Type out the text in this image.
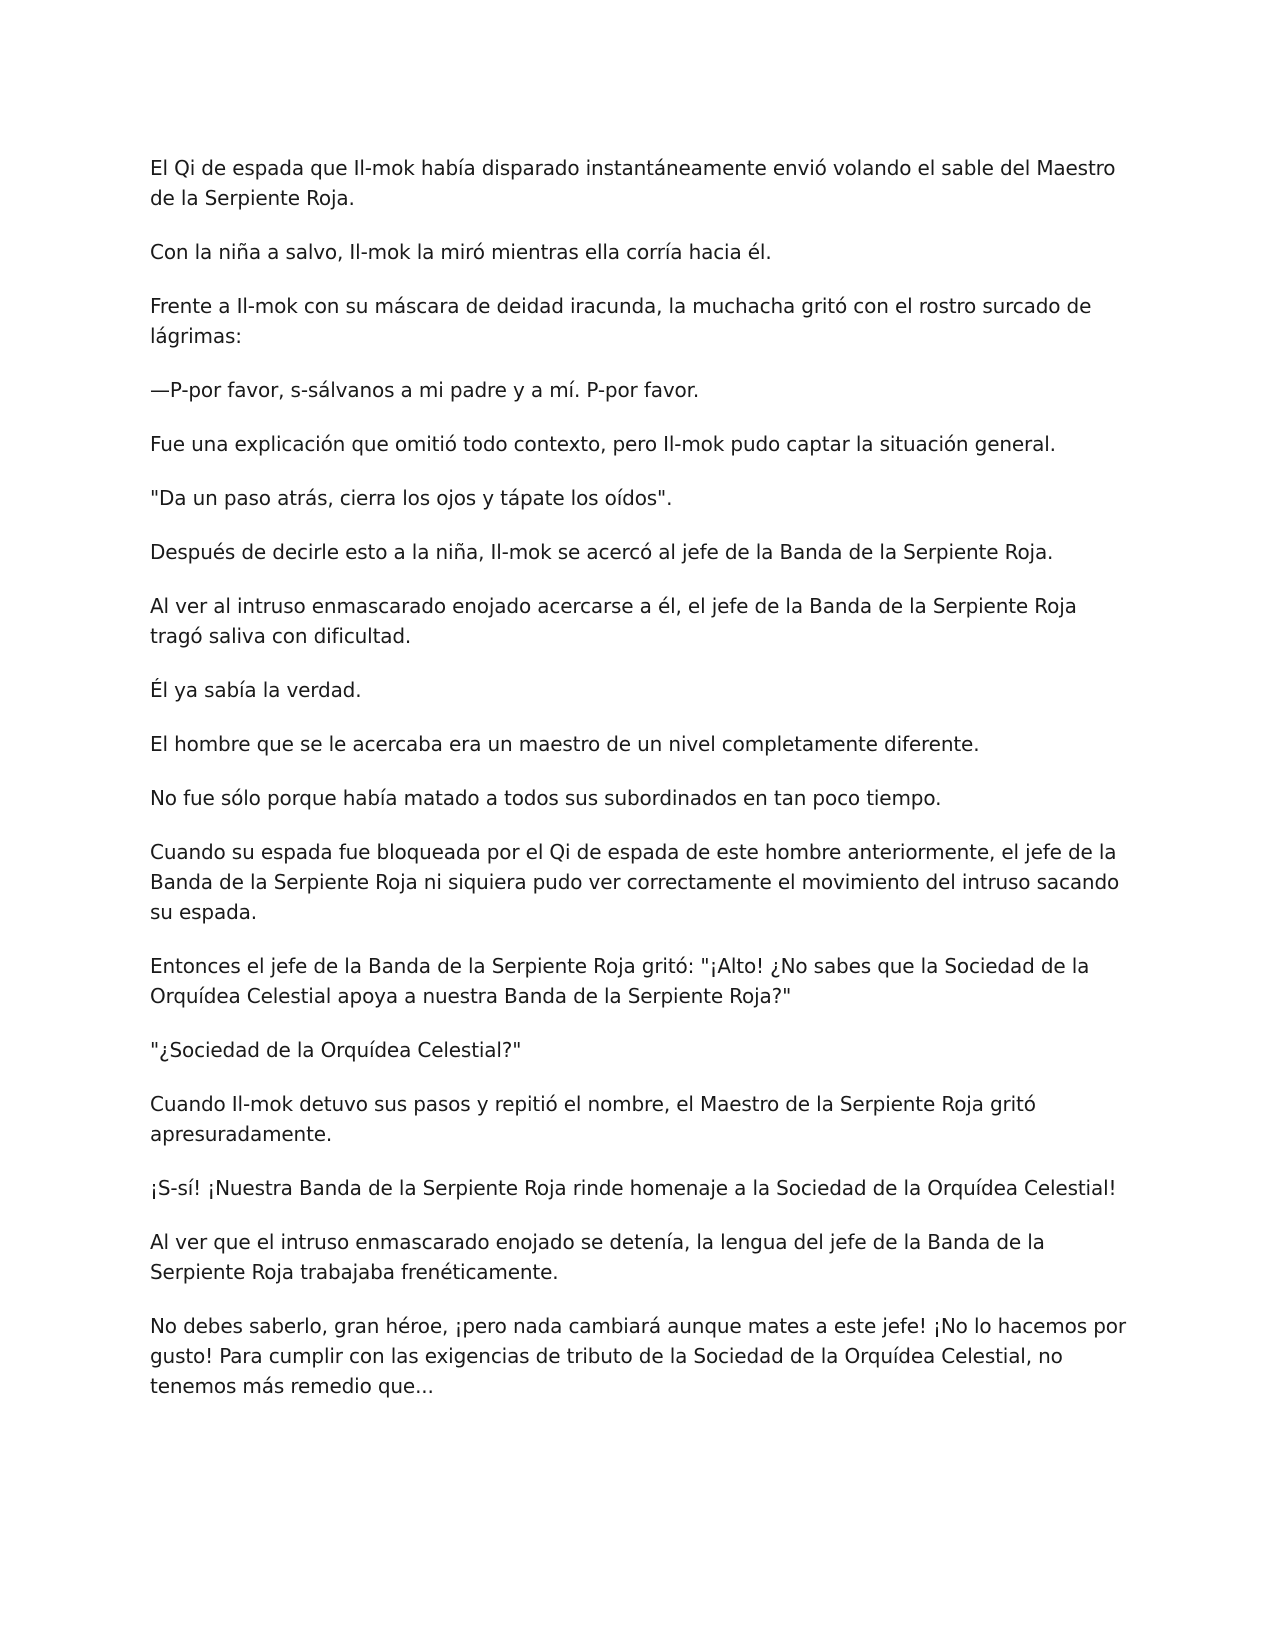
El Qi de espada que Il-mok había disparado instantáneamente envió volando el sable del Maestro de la Serpiente Roja.

Con la niña a salvo, Il-mok la miró mientras ella corría hacia él.

Frente a Il-mok con su máscara de deidad iracunda, la muchacha gritó con el rostro surcado de lágrimas:

—P-por favor, s-sálvanos a mi padre y a mí. P-por favor.

Fue una explicación que omitió todo contexto, pero Il-mok pudo captar la situación general.

"Da un paso atrás, cierra los ojos y tápate los oídos".

Después de decirle esto a la niña, Il-mok se acercó al jefe de la Banda de la Serpiente Roja.

Al ver al intruso enmascarado enojado acercarse a él, el jefe de la Banda de la Serpiente Roja tragó saliva con dificultad.

Él ya sabía la verdad.

El hombre que se le acercaba era un maestro de un nivel completamente diferente.

No fue sólo porque había matado a todos sus subordinados en tan poco tiempo.

Cuando su espada fue bloqueada por el Qi de espada de este hombre anteriormente, el jefe de la Banda de la Serpiente Roja ni siquiera pudo ver correctamente el movimiento del intruso sacando su espada.

Entonces el jefe de la Banda de la Serpiente Roja gritó: "¡Alto! ¿No sabes que la Sociedad de la Orquídea Celestial apoya a nuestra Banda de la Serpiente Roja?"

"¿Sociedad de la Orquídea Celestial?"

Cuando Il-mok detuvo sus pasos y repitió el nombre, el Maestro de la Serpiente Roja gritó apresuradamente.

¡S-sí! ¡Nuestra Banda de la Serpiente Roja rinde homenaje a la Sociedad de la Orquídea Celestial!

Al ver que el intruso enmascarado enojado se detenía, la lengua del jefe de la Banda de la Serpiente Roja trabajaba frenéticamente.

No debes saberlo, gran héroe, ¡pero nada cambiará aunque mates a este jefe! ¡No lo hacemos por gusto! Para cumplir con las exigencias de tributo de la Sociedad de la Orquídea Celestial, no tenemos más remedio que...
